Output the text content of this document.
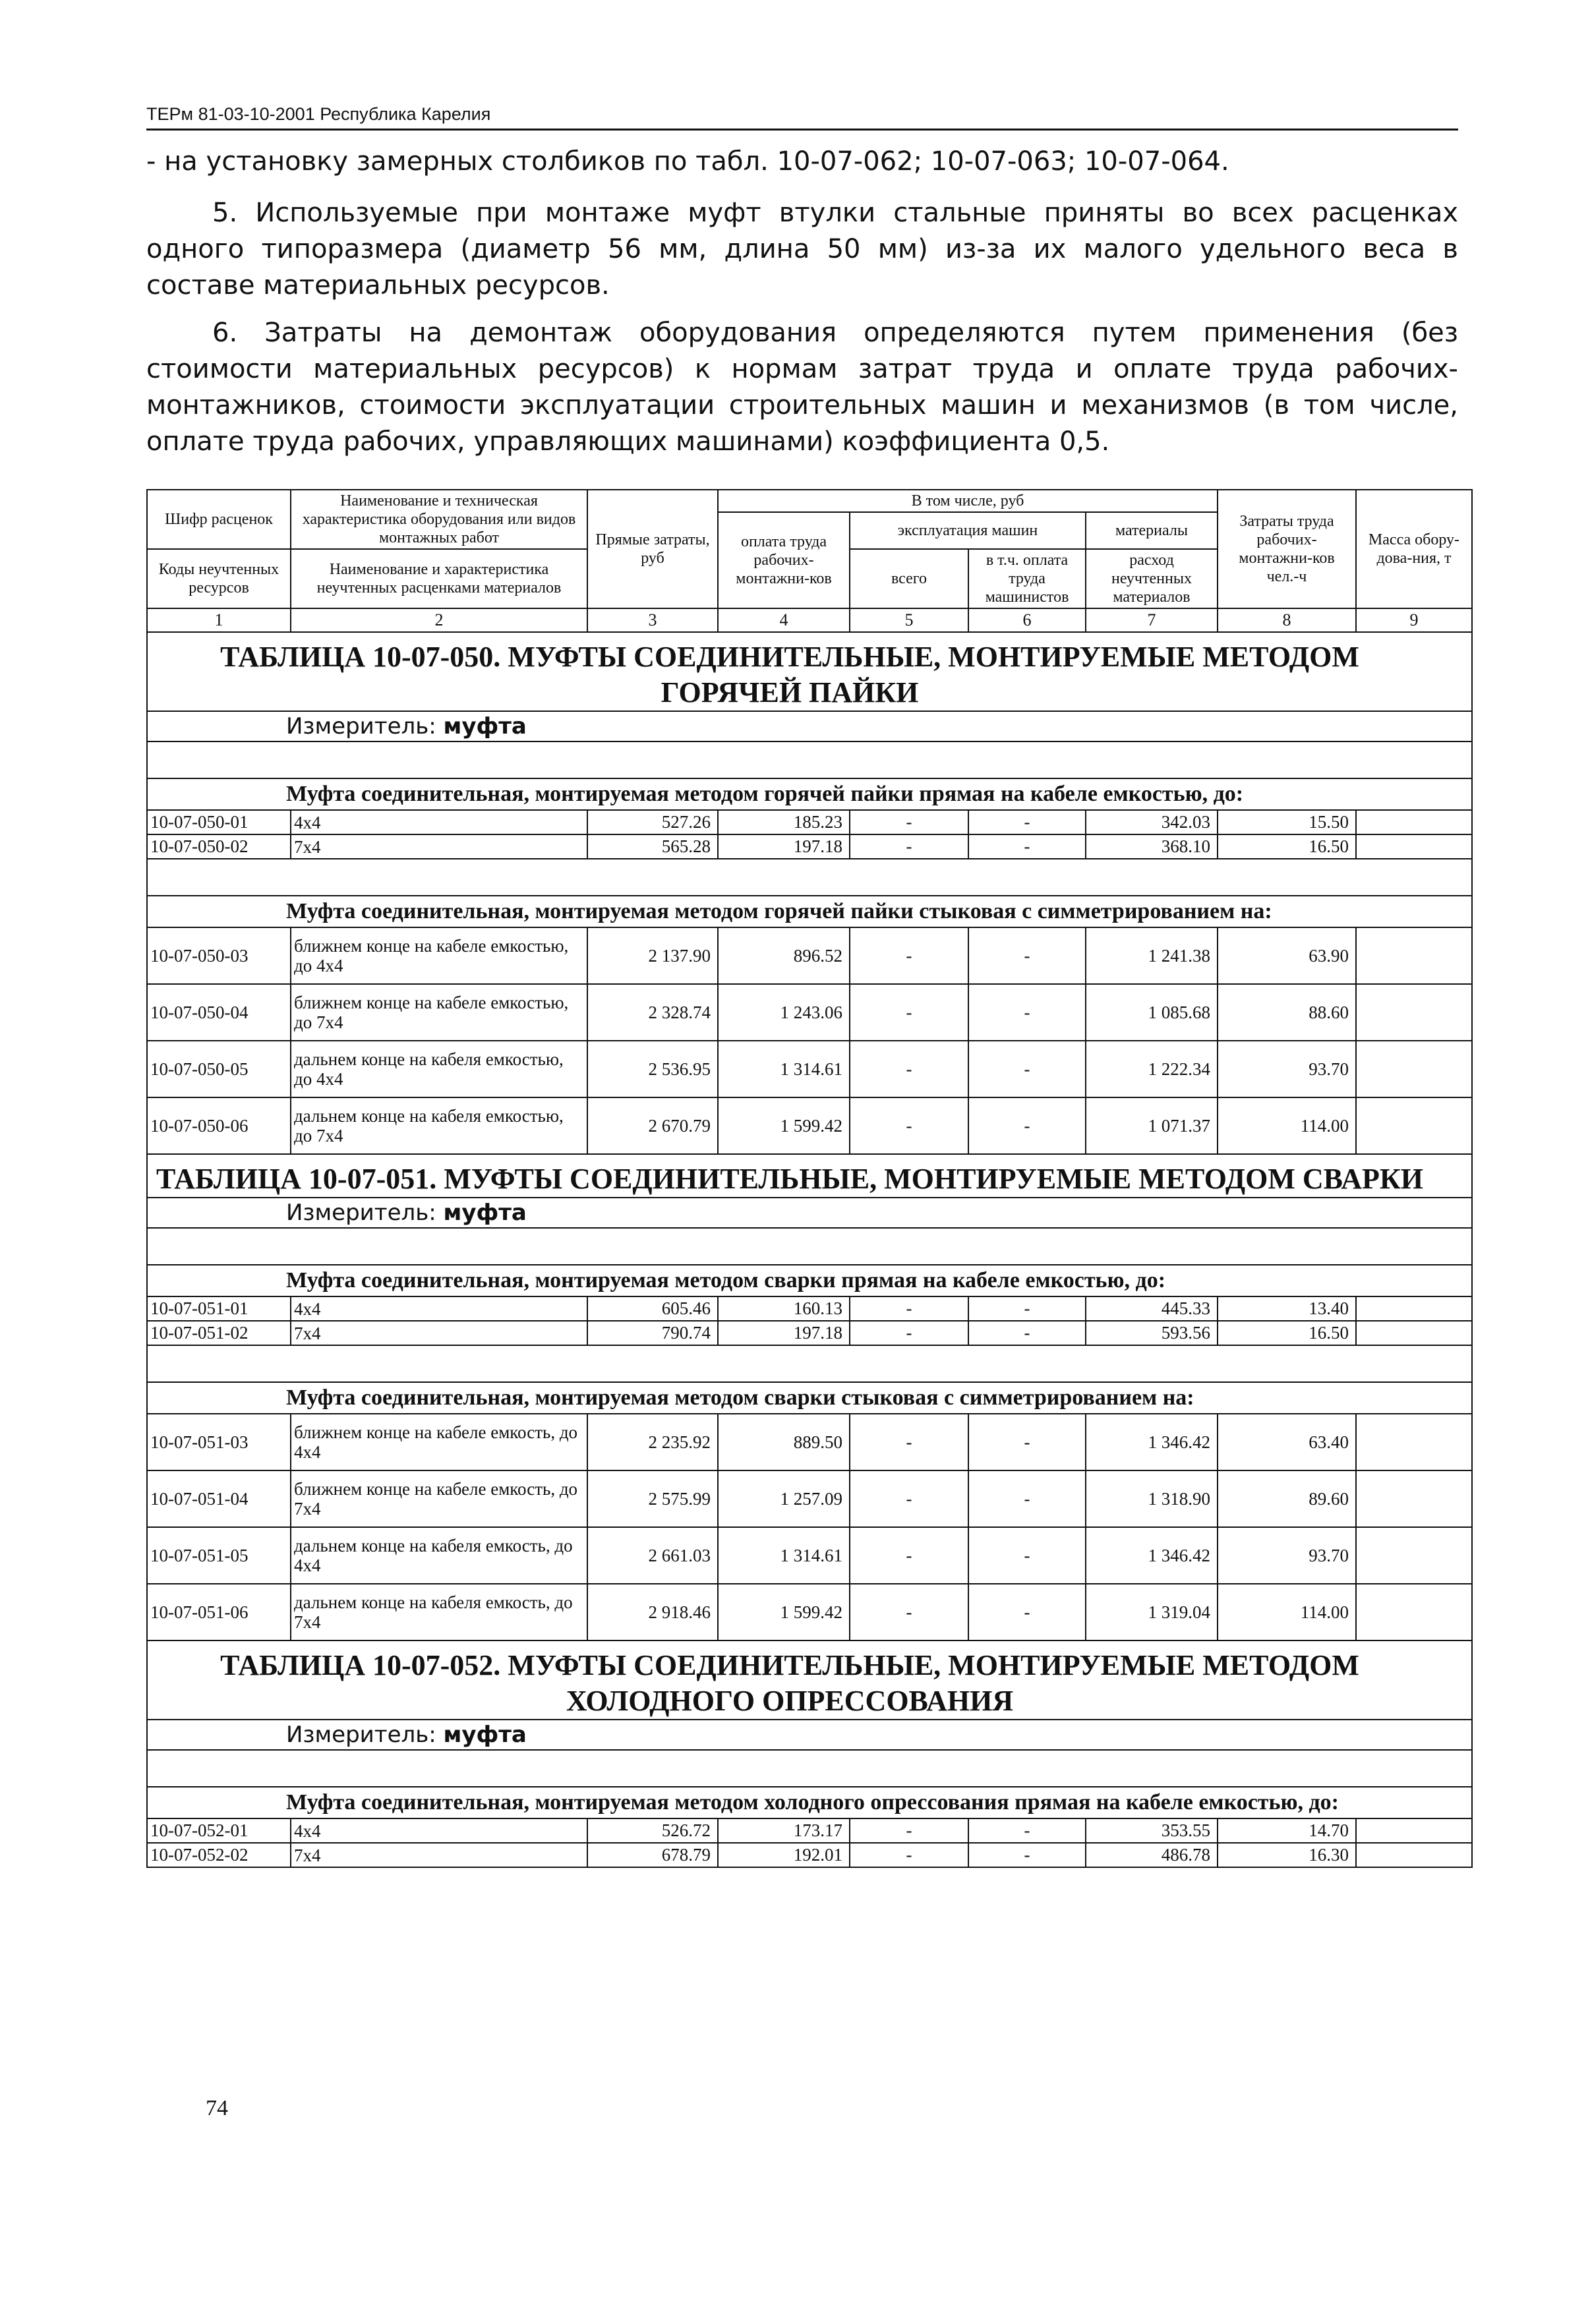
ТЕРм 81-03-10-2001 Республика Карелия
- на установку замерных столбиков по табл. 10-07-062; 10-07-063; 10-07-064.
5. Используемые при монтаже муфт втулки стальные приняты во всех расценках одного типоразмера (диаметр 56 мм, длина 50 мм) из-за их малого удельного веса в составе материальных ресурсов.
6. Затраты на демонтаж оборудования определяются путем применения (без стоимости материальных ресурсов) к нормам затрат труда и оплате труда рабочих-монтажников, стоимости эксплуатации строительных машин и механизмов (в том числе, оплате труда рабочих, управляющих машинами) коэффициента 0,5.
Шифр расценок	Наименование и техническая характеристика оборудования или видов монтажных работ	Прямые затраты, руб	В том числе, руб				Затраты труда рабочих-монтажни-ков чел.-ч	Масса обору-дова-ния, т
			оплата труда рабочих-монтажни-ков	эксплуатация машин		материалы		
Коды неучтенных ресурсов	Наименование и характеристика неучтенных расценками материалов			всего	в т.ч. оплата труда машинистов	расход неучтенных материалов		

1	2	3	4	5	6	7	8	9
ТАБЛИЦА 10-07-050. МУФТЫ СОЕДИНИТЕЛЬНЫЕ, МОНТИРУЕМЫЕ МЕТОДОМ ГОРЯЧЕЙ ПАЙКИ								
Измеритель: муфта								

Муфта соединительная, монтируемая методом горячей пайки прямая на кабеле емкостью, до:								
10-07-050-01	4x4	527.26	185.23	-	-	342.03	15.50	
10-07-050-02	7x4	565.28	197.18	-	-	368.10	16.50	

Муфта соединительная, монтируемая методом горячей пайки стыковая с симметрированием на:								
10-07-050-03	ближнем конце на кабеле емкостью, до 4x4	2 137.90	896.52	-	-	1 241.38	63.90	
10-07-050-04	ближнем конце на кабеле емкостью, до 7x4	2 328.74	1 243.06	-	-	1 085.68	88.60	
10-07-050-05	дальнем конце на кабеля емкостью, до 4x4	2 536.95	1 314.61	-	-	1 222.34	93.70	
10-07-050-06	дальнем конце на кабеля емкостью, до 7x4	2 670.79	1 599.42	-	-	1 071.37	114.00	
ТАБЛИЦА 10-07-051. МУФТЫ СОЕДИНИТЕЛЬНЫЕ, МОНТИРУЕМЫЕ МЕТОДОМ СВАРКИ								
Измеритель: муфта								

Муфта соединительная, монтируемая методом сварки прямая на кабеле емкостью, до:								
10-07-051-01	4x4	605.46	160.13	-	-	445.33	13.40	
10-07-051-02	7x4	790.74	197.18	-	-	593.56	16.50	

Муфта соединительная, монтируемая методом сварки стыковая с симметрированием на:								
10-07-051-03	ближнем конце на кабеле емкость, до 4x4	2 235.92	889.50	-	-	1 346.42	63.40	
10-07-051-04	ближнем конце на кабеле емкость, до 7x4	2 575.99	1 257.09	-	-	1 318.90	89.60	
10-07-051-05	дальнем конце на кабеля емкость, до 4x4	2 661.03	1 314.61	-	-	1 346.42	93.70	
10-07-051-06	дальнем конце на кабеля емкость, до 7x4	2 918.46	1 599.42	-	-	1 319.04	114.00	
ТАБЛИЦА 10-07-052. МУФТЫ СОЕДИНИТЕЛЬНЫЕ, МОНТИРУЕМЫЕ МЕТОДОМ ХОЛОДНОГО ОПРЕССОВАНИЯ								
Измеритель: муфта								

Муфта соединительная, монтируемая методом холодного опрессования прямая на кабеле емкостью, до:								
10-07-052-01	4x4	526.72	173.17	-	-	353.55	14.70	
10-07-052-02	7x4	678.79	192.01	-	-	486.78	16.30	
74
